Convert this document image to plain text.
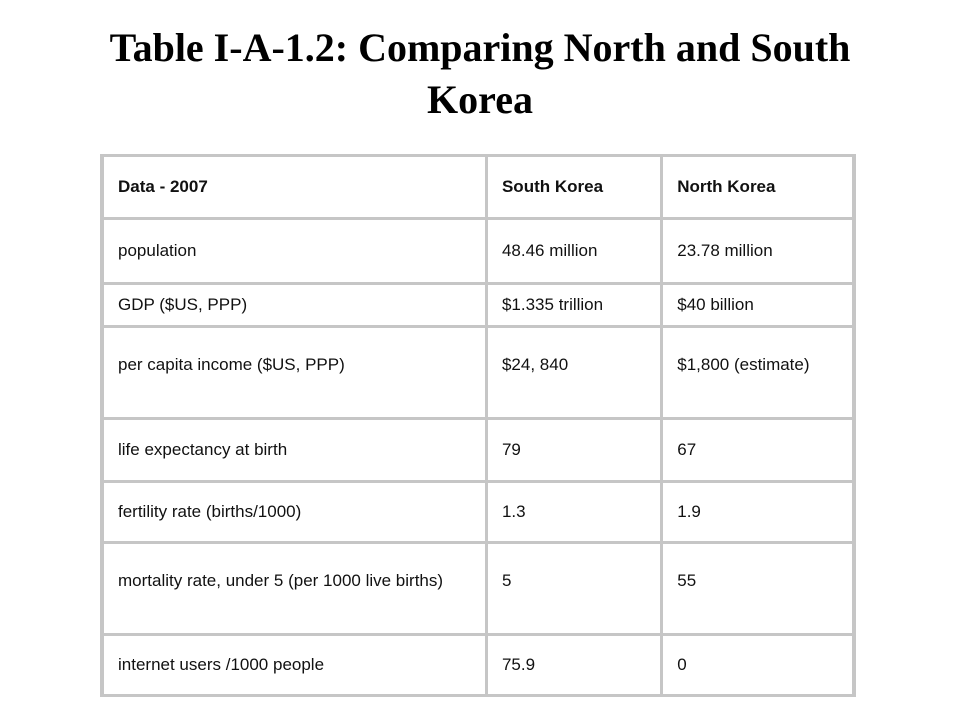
Table I-A-1.2: Comparing North and South
Korea
Data - 2007	South Korea	North Korea
population	48.46 million	23.78 million
GDP ($US, PPP)	$1.335 trillion	$40 billion
per capita income ($US, PPP)	$24, 840	$1,800 (estimate)
life expectancy at birth	79	67
fertility rate (births/1000)	1.3	1.9
mortality rate, under 5 (per 1000 live births)	5	55
internet users /1000 people	75.9	0
